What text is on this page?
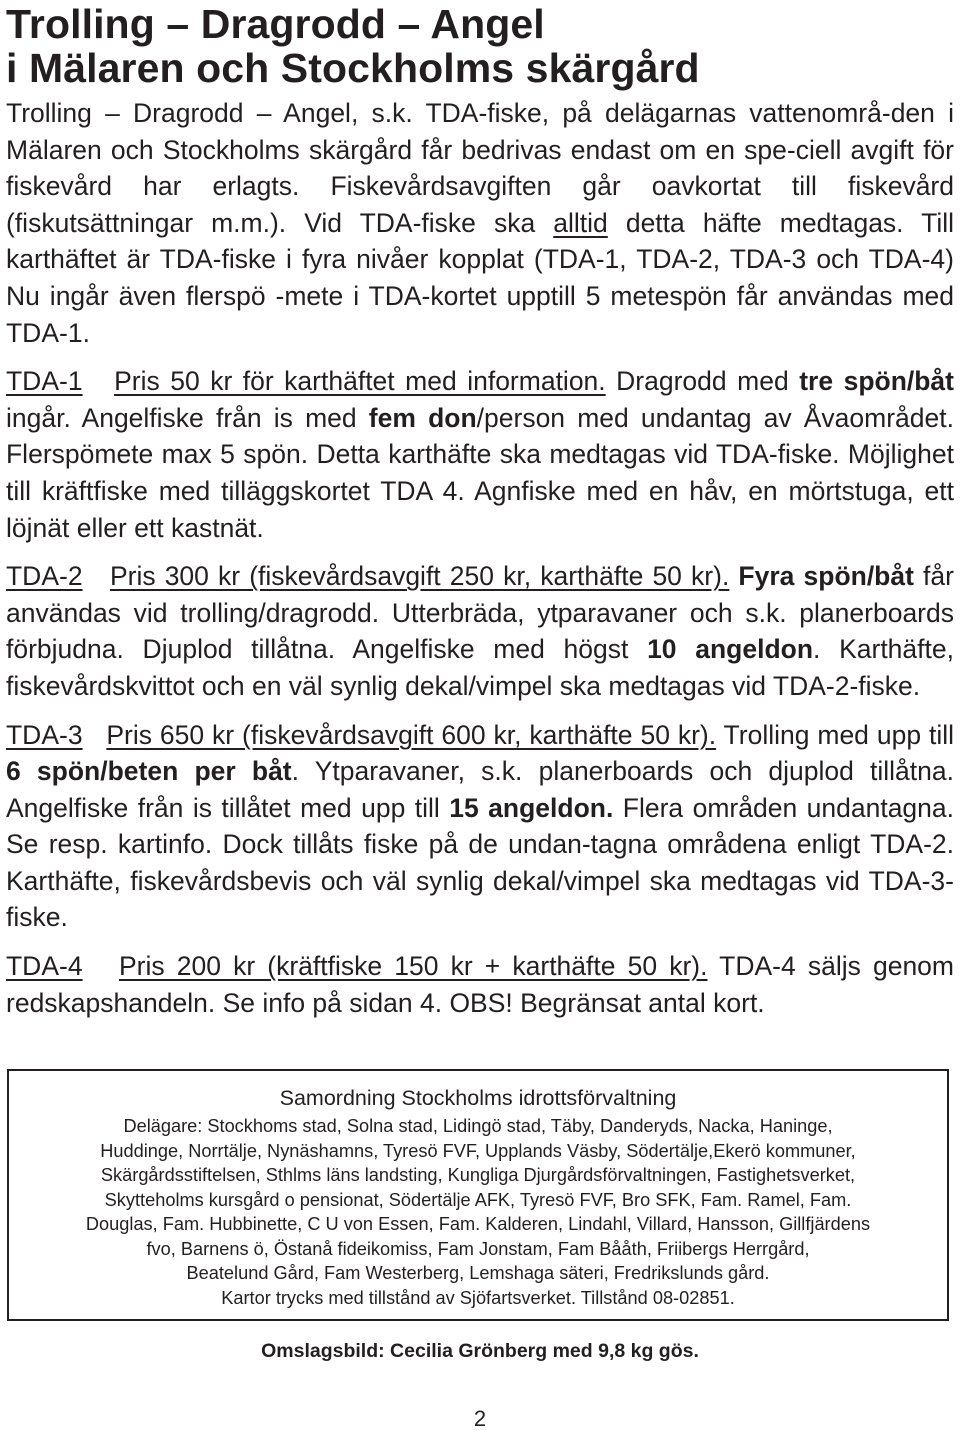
Trolling – Dragrodd – Angel
i Mälaren och Stockholms skärgård

Trolling – Dragrodd – Angel, s.k. TDA-fiske, på delägarnas vattenområ-den i Mälaren och Stockholms skärgård får bedrivas endast om en spe-ciell avgift för fiskevård har erlagts. Fiskevårdsavgiften går oavkortat till fiskevård (fiskutsättningar m.m.). Vid TDA-fiske ska alltid detta häfte medtagas. Till karthäftet är TDA-fiske i fyra nivåer kopplat (TDA-1, TDA-2, TDA-3 och TDA-4) Nu ingår även flerspö -mete i TDA-kortet upptill 5 metespön får användas med TDA-1.

TDA-1 Pris 50 kr för karthäftet med information. Dragrodd med tre spön/båt ingår. Angelfiske från is med fem don/person med undantag av Åvaområdet. Flerspömete max 5 spön. Detta karthäfte ska medtagas vid TDA-fiske. Möjlighet till kräftfiske med tilläggskortet TDA 4. Agnfiske med en håv, en mörtstuga, ett löjnät eller ett kastnät.

TDA-2 Pris 300 kr (fiskevårdsavgift 250 kr, karthäfte 50 kr). Fyra spön/båt får användas vid trolling/dragrodd. Utterbräda, ytparavaner och s.k. planerboards förbjudna. Djuplod tillåtna. Angelfiske med högst 10 angeldon. Karthäfte, fiskevårdskvittot och en väl synlig dekal/vimpel ska medtagas vid TDA-2-fiske.

TDA-3 Pris 650 kr (fiskevårdsavgift 600 kr, karthäfte 50 kr). Trolling med upp till 6 spön/beten per båt. Ytparavaner, s.k. planerboards och djuplod tillåtna. Angelfiske från is tillåtet med upp till 15 angeldon. Flera områden undantagna. Se resp. kartinfo. Dock tillåts fiske på de undan-tagna områdena enligt TDA-2. Karthäfte, fiskevårdsbevis och väl synlig dekal/vimpel ska medtagas vid TDA-3-fiske.

TDA-4 Pris 200 kr (kräftfiske 150 kr + karthäfte 50 kr). TDA-4 säljs genom redskapshandeln. Se info på sidan 4. OBS! Begränsat antal kort.

Samordning Stockholms idrottsförvaltning
Delägare: Stockhoms stad, Solna stad, Lidingö stad, Täby, Danderyds, Nacka, Haninge,
Huddinge, Norrtälje, Nynäshamns, Tyresö FVF, Upplands Väsby, Södertälje,Ekerö kommuner,
Skärgårdsstiftelsen, Sthlms läns landsting, Kungliga Djurgårdsförvaltningen, Fastighetsverket,
Skytteholms kursgård o pensionat, Södertälje AFK, Tyresö FVF, Bro SFK, Fam. Ramel, Fam.
Douglas, Fam. Hubbinette, C U von Essen, Fam. Kalderen, Lindahl, Villard, Hansson, Gillfjärdens
fvo, Barnens ö, Östanå fideikomiss, Fam Jonstam, Fam Bååth, Friibergs Herrgård,
Beatelund Gård, Fam Westerberg, Lemshaga säteri, Fredrikslunds gård.
Kartor trycks med tillstånd av Sjöfartsverket. Tillstånd 08-02851.
Omslagsbild: Cecilia Grönberg med 9,8 kg gös.
2
